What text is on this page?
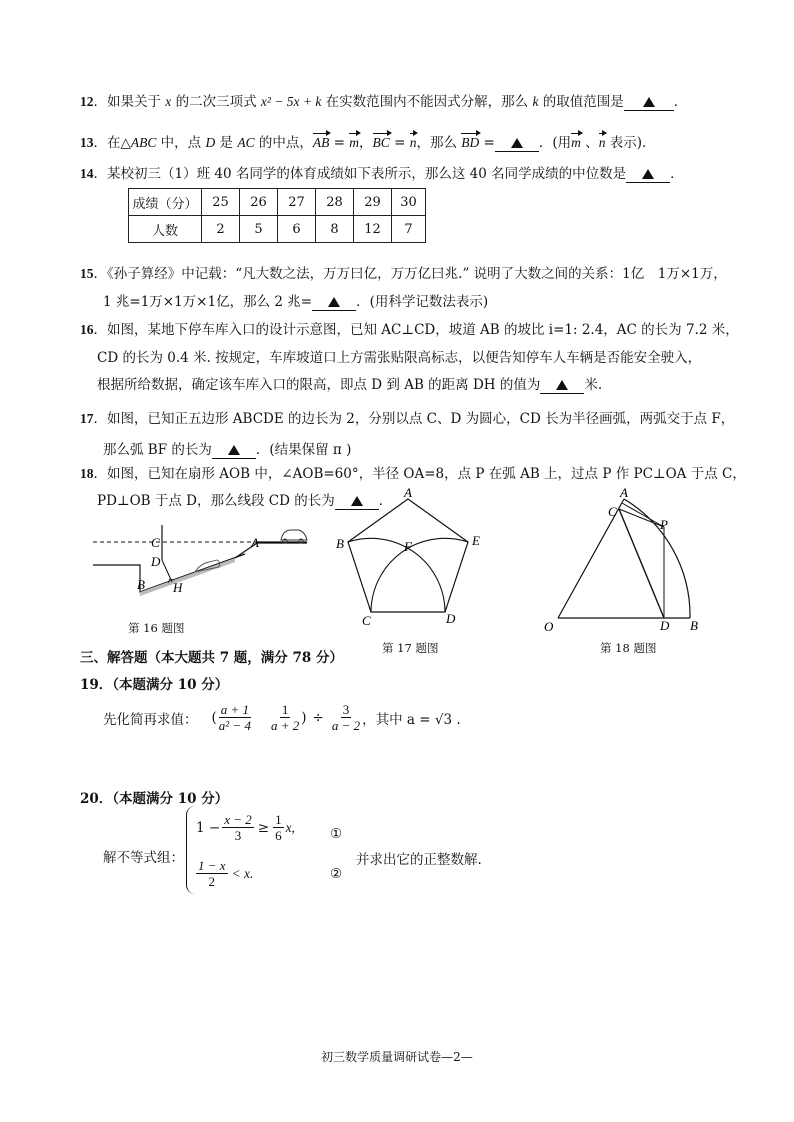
12．如果关于 x 的二次三项式 x² − 5x + k 在实数范围内不能因式分解，那么 k 的取值范围是	．
13．在△ABC 中，点 D 是 AC 的中点，AB = m，BC = n，那么 BD =	．(用m 、n 表示)．
14．某校初三（1）班 40 名同学的体育成绩如下表所示，那么这 40 名同学成绩的中位数是	．
成绩（分）	25	26	27	28	29	30
人数	2	5	6	8	12	7
15．《孙子算经》中记载：“凡大数之法，万万曰亿，万万亿曰兆.” 说明了大数之间的关系：1亿　1万×1万，
1 兆=1万×1万×1亿，那么 2 兆=	．(用科学记数法表示)
16．如图，某地下停车库入口的设计示意图，已知 AC⊥CD，坡道 AB 的坡比 i=1: 2.4，AC 的长为 7.2 米，
CD 的长为 0.4 米. 按规定，车库坡道口上方需张贴限高标志，以便告知停车人车辆是否能安全驶入，
根据所给数据，确定该车库入口的限高，即点 D 到 AB 的距离 DH 的值为	米.
17．如图，已知正五边形 ABCDE 的边长为 2，分别以点 C、D 为圆心，CD 长为半径画弧，两弧交于点 F，
那么弧 BF 的长为	．(结果保留 π )
18．如图，已知在扇形 AOB 中，∠AOB=60°，半径 OA=8，点 P 在弧 AB 上，过点 P 作 PC⊥OA 于点 C，
PD⊥OB 于点 D，那么线段 CD 的长为	．
C
D
A
B H
第 16 题图
A
B	E
F
C	D
第 17 题图
A
C
P
O	D B
第 18 题图
三、解答题（本大题共 7 题，满分 78 分）
19．（本题满分 10 分）
先化简再求值： ( $\frac{a + 1}{\text{a² − 4}} \frac{1}{a + 2}$ ) ÷ $\frac{3}{a - 2}$ ，其中 a = √3 .
20．（本题满分 10 分）
解不等式组：
$1 - \frac{x - 2}{3} \ge \frac{1}{6} x$,
$\frac{1 - x}{2} < x$.
①
②
并求出它的正整数解.
初三数学质量调研试卷—2—
